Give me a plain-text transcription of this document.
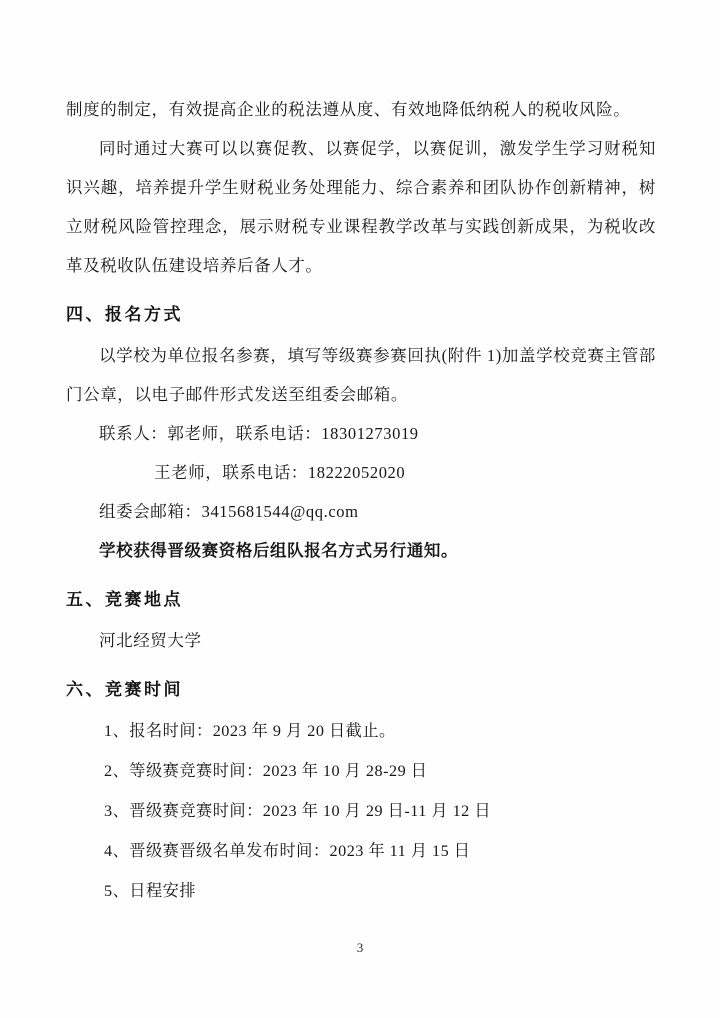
制度的制定，有效提高企业的税法遵从度、有效地降低纳税人的税收风险。

同时通过大赛可以以赛促教、以赛促学，以赛促训，激发学生学习财税知识兴趣，培养提升学生财税业务处理能力、综合素养和团队协作创新精神，树立财税风险管控理念，展示财税专业课程教学改革与实践创新成果，为税收改革及税收队伍建设培养后备人才。

四、报名方式

以学校为单位报名参赛，填写等级赛参赛回执(附件 1)加盖学校竞赛主管部门公章，以电子邮件形式发送至组委会邮箱。

联系人：郭老师，联系电话：18301273019

王老师，联系电话：18222052020

组委会邮箱：3415681544@qq.com

学校获得晋级赛资格后组队报名方式另行通知。

五、竞赛地点

河北经贸大学

六、竞赛时间

1、报名时间：2023 年 9 月 20 日截止。

2、等级赛竞赛时间：2023 年 10 月 28-29 日

3、晋级赛竞赛时间：2023 年 10 月 29 日-11 月 12 日

4、晋级赛晋级名单发布时间：2023 年 11 月 15 日

5、日程安排

3
